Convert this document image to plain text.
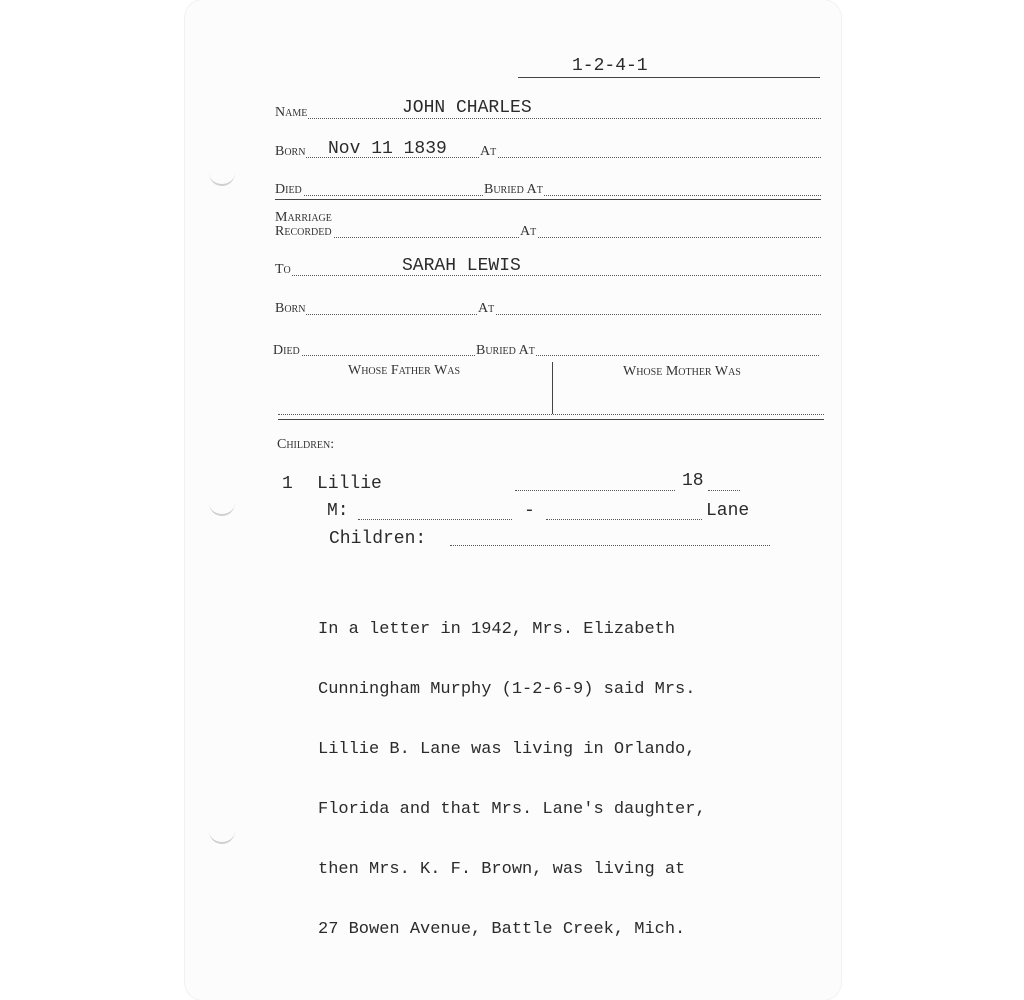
1-2-4-1
Name	JOHN CHARLES
Born Nov 11 1839 At
Died	Buried At
Marriage
Recorded	At
To	SARAH LEWIS
Born	At
Died	Buried At
Whose Father Was	Whose Mother Was
Children:
1 Lillie	18
M:	-	Lane
Children:

In a letter in 1942, Mrs. Elizabeth

Cunningham Murphy (1-2-6-9) said Mrs.

Lillie B. Lane was living in Orlando,

Florida and that Mrs. Lane's daughter,

then Mrs. K. F. Brown, was living at

27 Bowen Avenue, Battle Creek, Mich.
